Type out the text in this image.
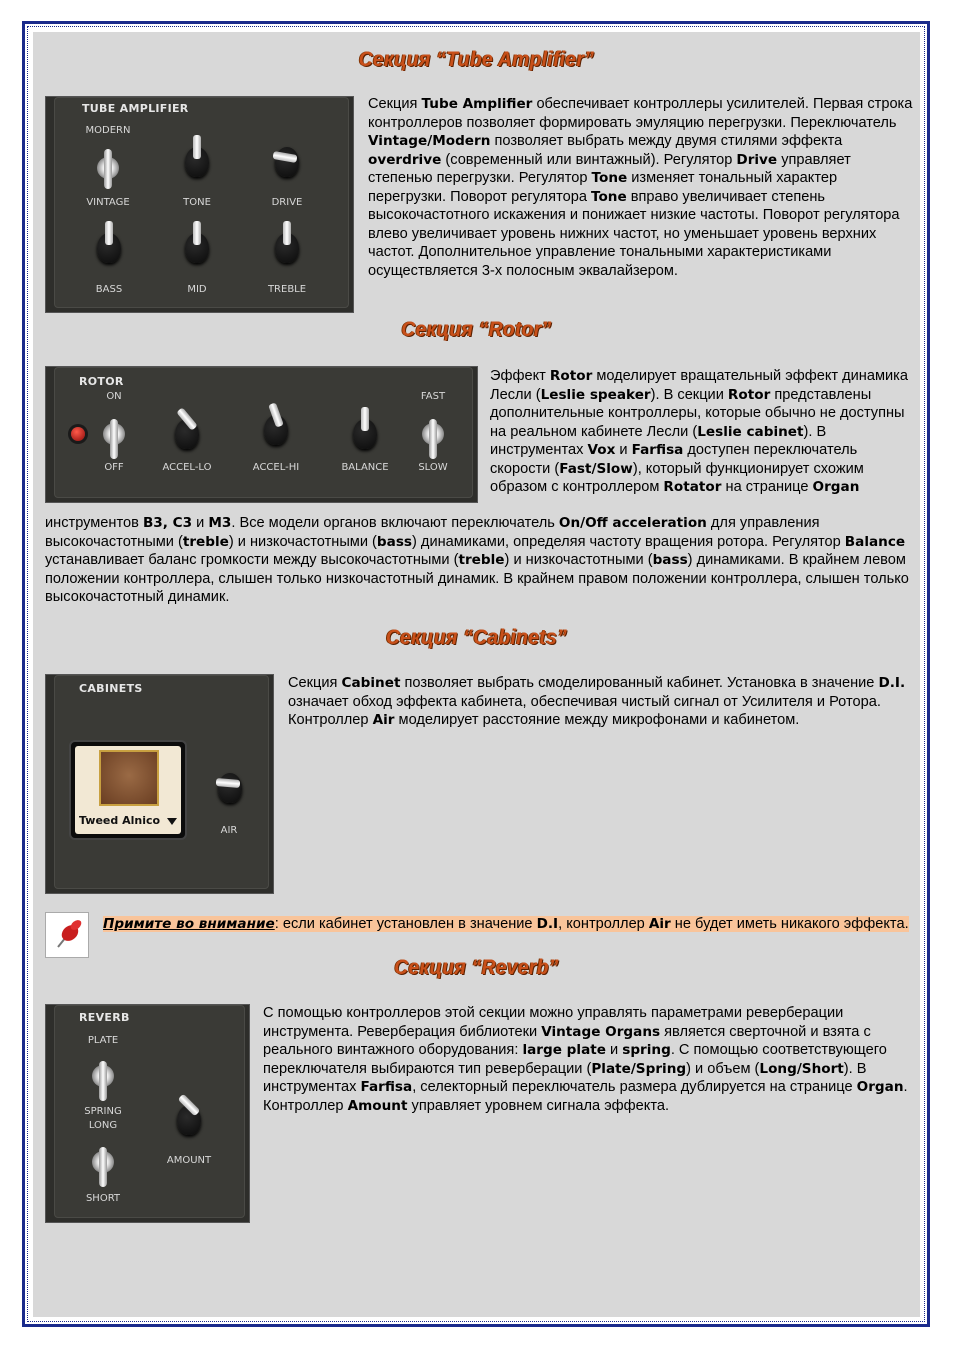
Секция “Tube Amplifier”
TUBE AMPLIFIER
MODERN
VINTAGE	TONE	DRIVE
BASS	MID	TREBLE
Секция Tube Amplifier обеспечивает контроллеры усилителей. Первая строка контроллеров позволяет формировать эмуляцию перегрузки. Переключатель Vintage/Modern позволяет выбрать между двумя стилями эффекта overdrive (современный или винтажный). Регулятор Drive управляет степенью перегрузки. Регулятор Tone изменяет тональный характер перегрузки. Поворот регулятора Tone вправо увеличивает степень высокочастотного искажения и понижает низкие частоты. Поворот регулятора влево увеличивает уровень нижних частот, но уменьшает уровень верхних частот. Дополнительное управление тональными характеристиками осуществляется 3-х полосным эквалайзером.
Секция “Rotor”
ROTOR
ON
OFF	ACCEL-LO	ACCEL-HI	BALANCE
FAST
SLOW
Эффект Rotor моделирует вращательный эффект динамика Лесли (Leslie speaker). В секции Rotor представлены дополнительные контроллеры, которые обычно не доступны на реальном кабинете Лесли (Leslie cabinet). В инструментах Vox и Farfisa доступен переключатель скорости (Fast/Slow), который функционирует схожим образом с контроллером Rotator на странице Organ
инструментов B3, C3 и M3. Все модели органов включают переключатель On/Off acceleration для управления высокочастотными (treble) и низкочастотными (bass) динамиками, определяя частоту вращения ротора. Регулятор Balance устанавливает баланс громкости между высокочастотными (treble) и низкочастотными (bass) динамиками. В крайнем левом положении контроллера, слышен только низкочастотный динамик. В крайнем правом положении контроллера, слышен только высокочастотный динамик.
Секция “Cabinets”
CABINETS
Tweed Alnico
AIR
Секция Cabinet позволяет выбрать смоделированный кабинет. Установка в значение D.I. означает обход эффекта кабинета, обеспечивая чистый сигнал от Усилителя и Ротора. Контроллер Air моделирует расстояние между микрофонами и кабинетом.
Примите во внимание: если кабинет установлен в значение D.I, контроллер Air не будет иметь никакого эффекта.
Секция “Reverb”
REVERB
PLATE
SPRING
LONG
SHORT
AMOUNT
С помощью контроллеров этой секции можно управлять параметрами реверберации инструмента. Реверберация библиотеки Vintage Organs является сверточной и взята с реального винтажного оборудования: large plate и spring. С помощью соответствующего переключателя выбираются тип реверберации (Plate/Spring) и объем (Long/Short). В инструментах Farfisa, селекторный переключатель размера дублируется на странице Organ. Контроллер Amount управляет уровнем сигнала эффекта.
